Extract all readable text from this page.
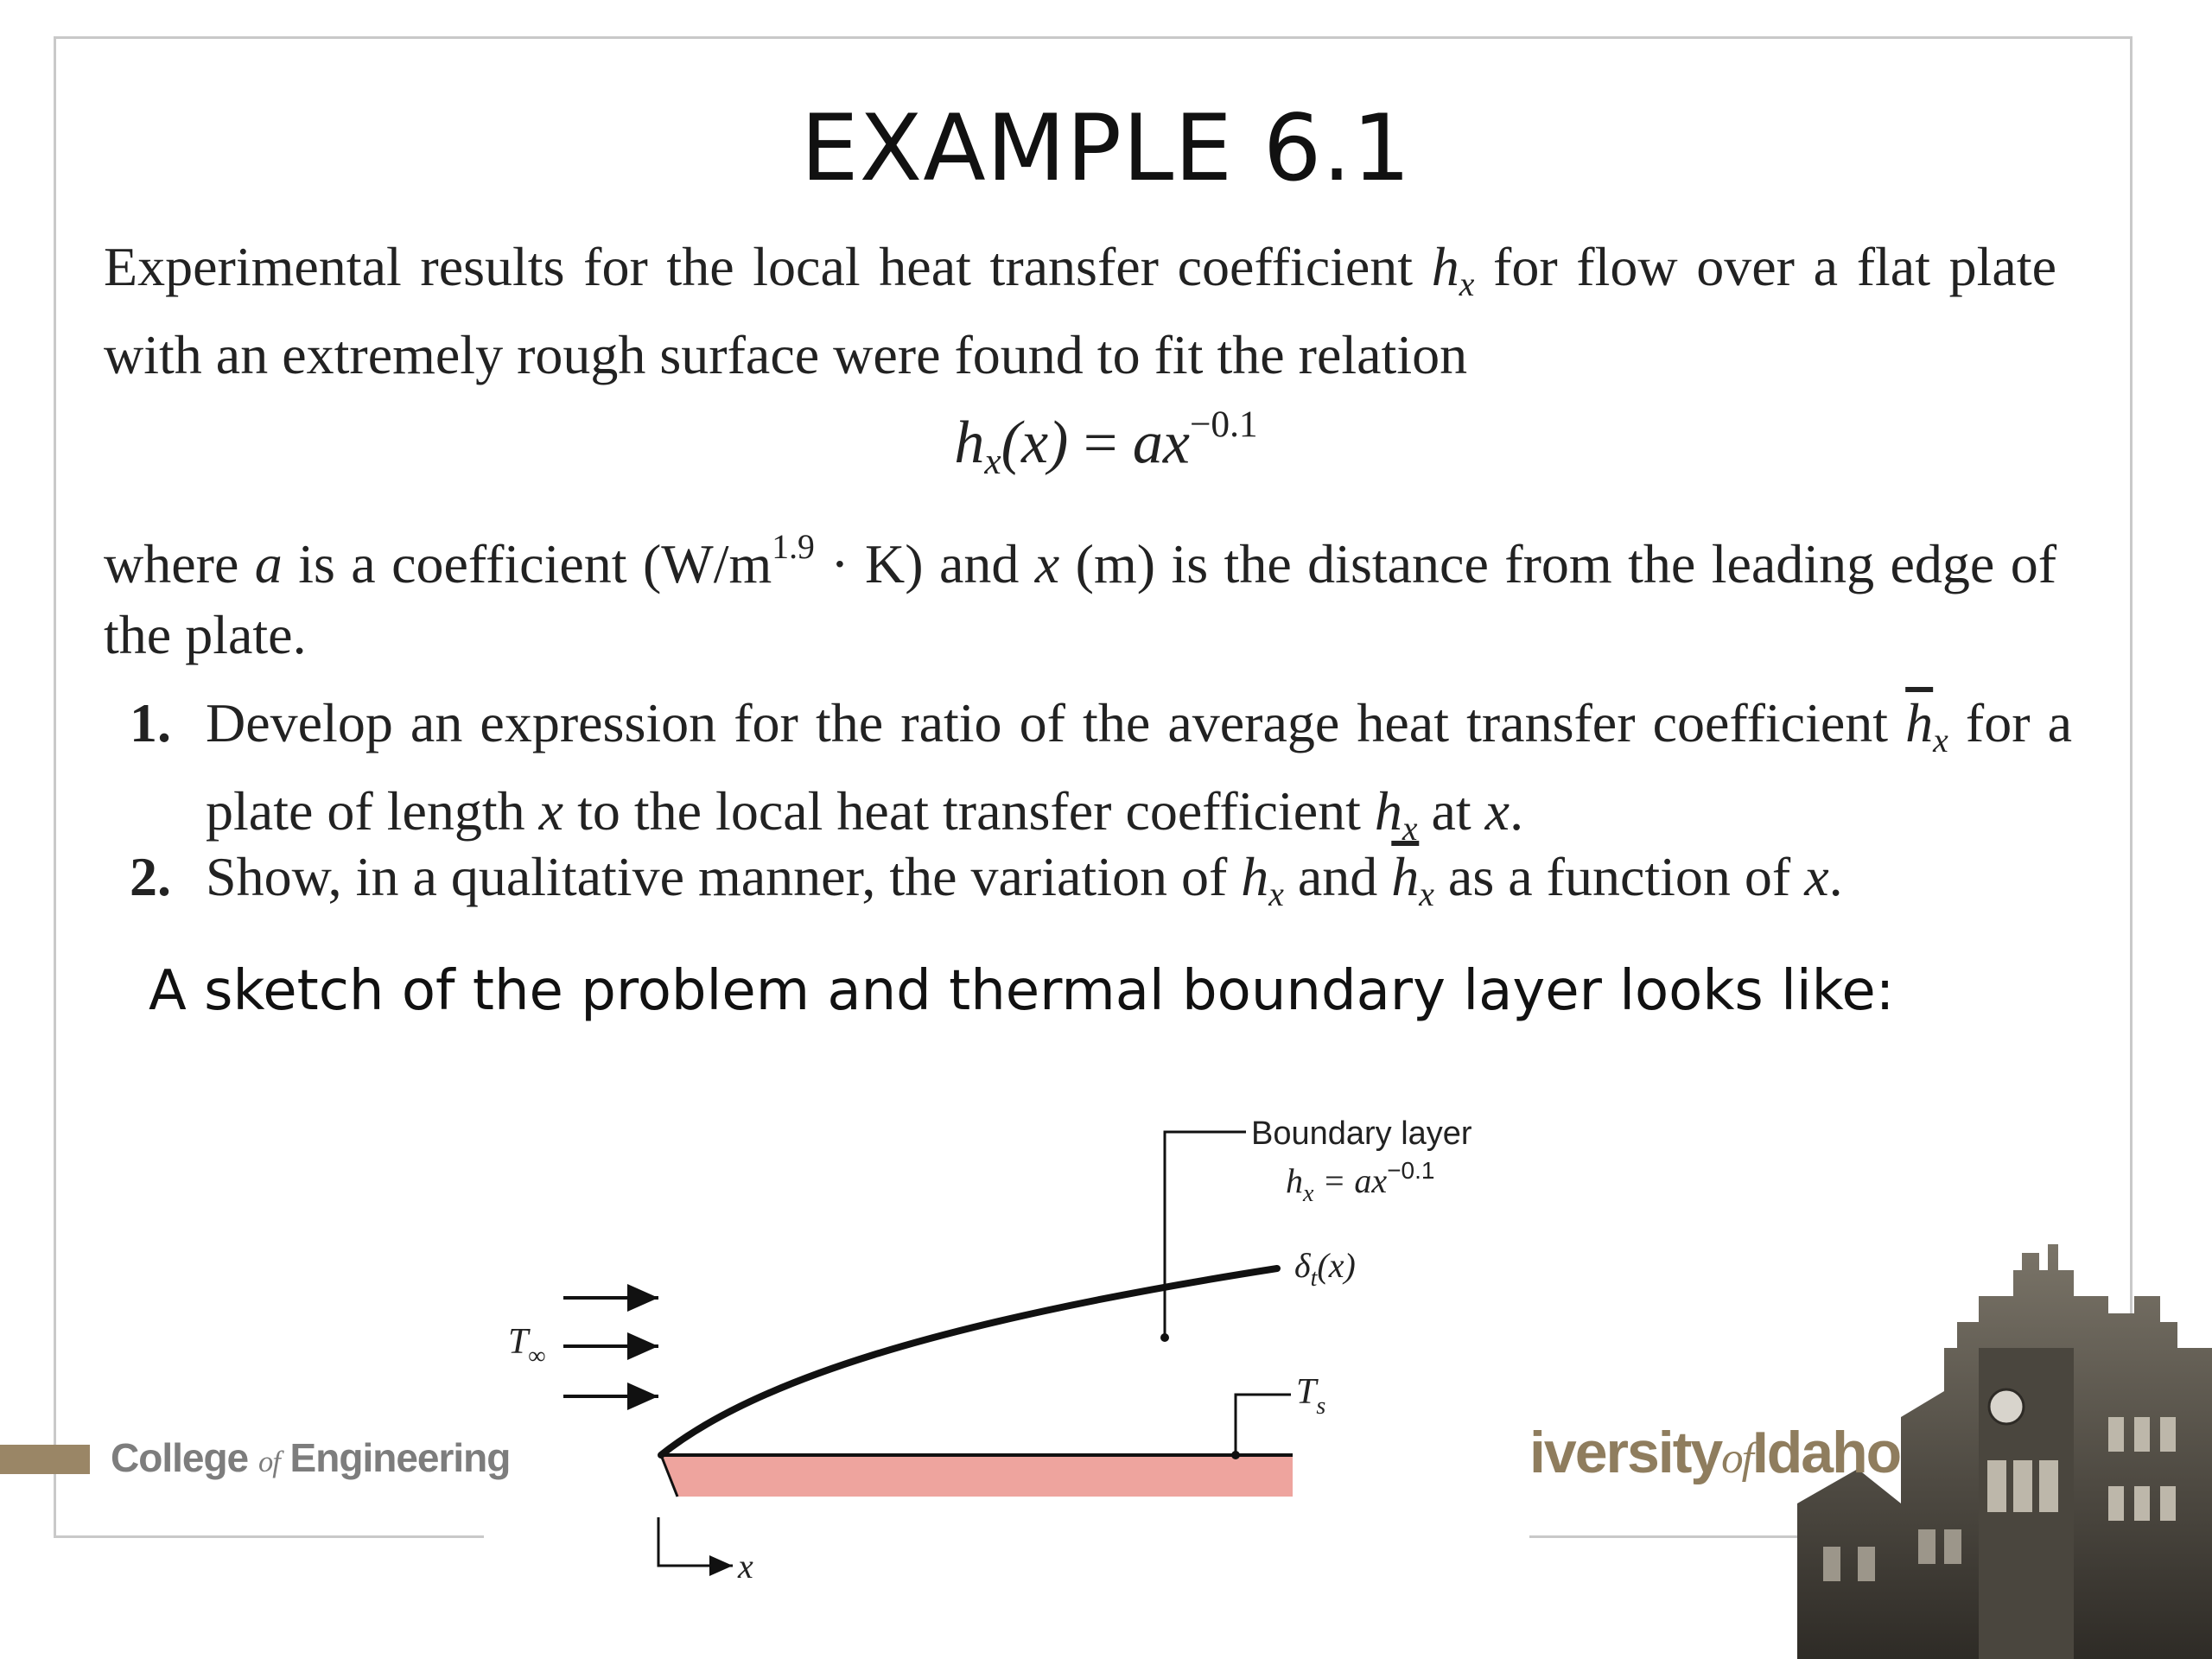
EXAMPLE 6.1
Experimental results for the local heat transfer coefficient $h_x$ for flow over a flat plate with an extremely rough surface were found to fit the relation
$h_x(x) = ax^{-0.1}$
where a is a coefficient $(W/m^{1.9} \cdot K)$ and x (m) is the distance from the leading edge of the plate.
1. Develop an expression for the ratio of the average heat transfer coefficient $\overline{h}_x$ for a plate of length x to the local heat transfer coefficient $h_x$ at x.
2. Show, in a qualitative manner, the variation of $h_x$ and $\overline{h}_x$ as a function of x.
A sketch of the problem and thermal boundary layer looks like:
Boundary layer
$h_x = ax^{-0.1}$
$\delta_t(x)$
$T_\infty$
$T_s$
x
College of Engineering	iversityofIdaho
